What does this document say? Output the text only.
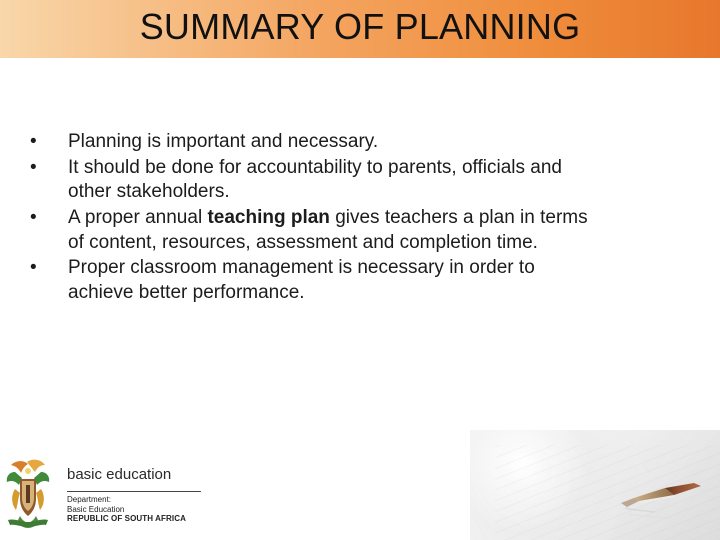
SUMMARY OF PLANNING
•	Planning is important and necessary.
•	It should be done for accountability to parents, officials and
other stakeholders.
•	A proper annual teaching plan gives teachers a plan in terms
of content, resources, assessment and completion time.
•	Proper classroom management is necessary in order to
achieve better performance.
basic education
Department:
Basic Education
REPUBLIC OF SOUTH AFRICA
